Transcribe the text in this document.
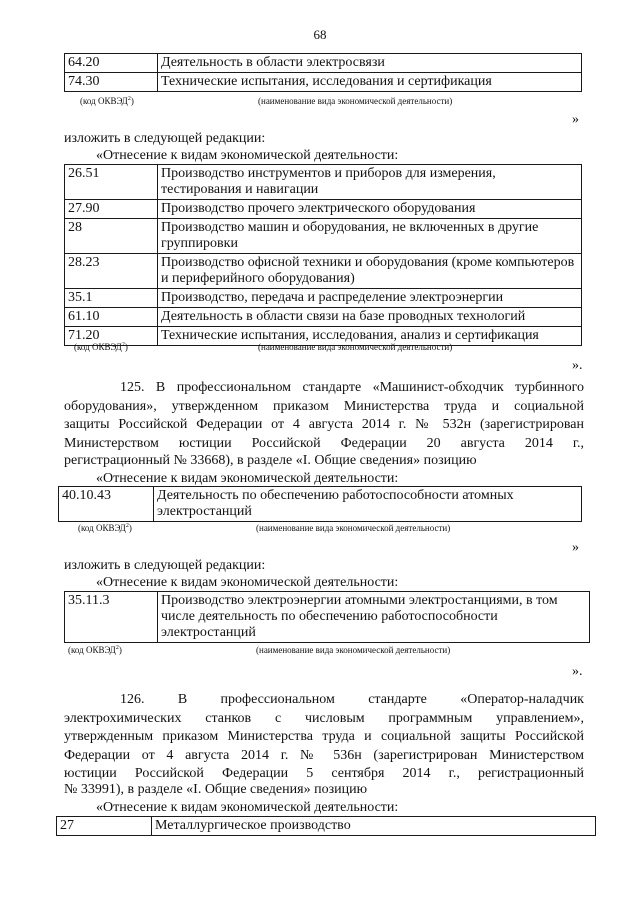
68
64.20	Деятельность в области электросвязи
74.30	Технические испытания, исследования и сертификация
(код ОКВЭД$^2$)	(наименование вида экономической деятельности)
»
изложить в следующей редакции:
«Отнесение к видам экономической деятельности:
26.51	Производство инструментов и приборов для измерения, тестирования и навигации
27.90	Производство прочего электрического оборудования
28	Производство машин и оборудования, не включенных в другие группировки
28.23	Производство офисной техники и оборудования (кроме компьютеров и периферийного оборудования)
35.1	Производство, передача и распределение электроэнергии
61.10	Деятельность в области связи на базе проводных технологий
71.20	Технические испытания, исследования, анализ и сертификация
(код ОКВЭД$^2$)	(наименование вида экономической деятельности)
».
125. В профессиональном стандарте «Машинист-обходчик турбинного
оборудования», утвержденном приказом Министерства труда и социальной
защиты Российской Федерации от 4 августа 2014 г. № 532н (зарегистрирован
Министерством юстиции Российской Федерации 20 августа 2014 г.,
регистрационный № 33668), в разделе «I. Общие сведения» позицию
«Отнесение к видам экономической деятельности:
40.10.43	Деятельность по обеспечению работоспособности атомных электростанций
(код ОКВЭД$^2$)	(наименование вида экономической деятельности)
»
изложить в следующей редакции:
«Отнесение к видам экономической деятельности:
35.11.3	Производство электроэнергии атомными электростанциями, в том числе деятельность по обеспечению работоспособности электростанций
(код ОКВЭД$^2$)	(наименование вида экономической деятельности)
».
126. В профессиональном стандарте «Оператор-наладчик
электрохимических станков с числовым программным управлением»,
утвержденным приказом Министерства труда и социальной защиты Российской
Федерации от 4 августа 2014 г. № 536н (зарегистрирован Министерством
юстиции Российской Федерации 5 сентября 2014 г., регистрационный
№ 33991), в разделе «I. Общие сведения» позицию
«Отнесение к видам экономической деятельности:
27	Металлургическое производство
